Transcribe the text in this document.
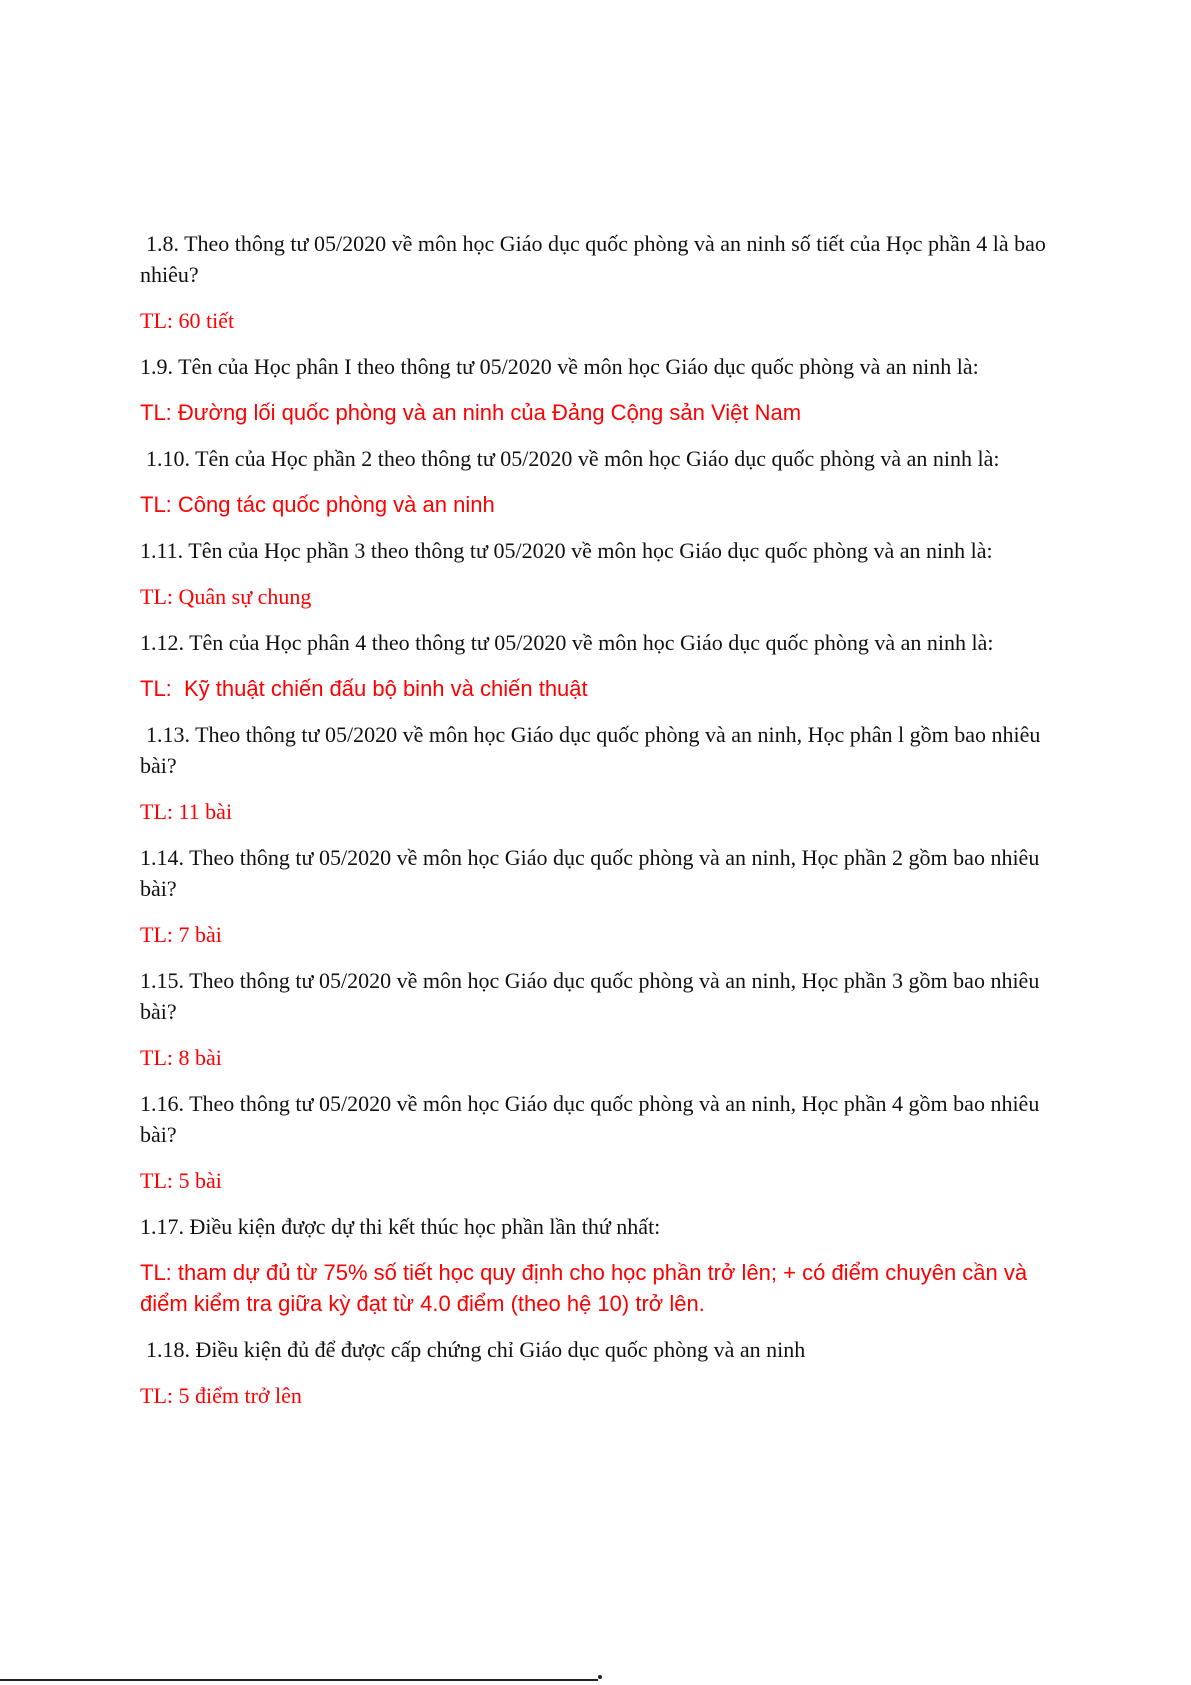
1.8. Theo thông tư 05/2020 về môn học Giáo dục quốc phòng và an ninh số tiết của Học phần 4 là bao nhiêu?

TL: 60 tiết

1.9. Tên của Học phân I theo thông tư 05/2020 về môn học Giáo dục quốc phòng và an ninh là:

TL: Đường lối quốc phòng và an ninh của Đảng Cộng sản Việt Nam

1.10. Tên của Học phần 2 theo thông tư 05/2020 về môn học Giáo dục quốc phòng và an ninh là:

TL: Công tác quốc phòng và an ninh

1.11. Tên của Học phần 3 theo thông tư 05/2020 về môn học Giáo dục quốc phòng và an ninh là:

TL: Quân sự chung

1.12. Tên của Học phân 4 theo thông tư 05/2020 về môn học Giáo dục quốc phòng và an ninh là:

TL:  Kỹ thuật chiến đấu bộ binh và chiến thuật

1.13. Theo thông tư 05/2020 về môn học Giáo dục quốc phòng và an ninh, Học phân l gồm bao nhiêu bài?

TL: 11 bài

1.14. Theo thông tư 05/2020 về môn học Giáo dục quốc phòng và an ninh, Học phần 2 gồm bao nhiêu bài?

TL: 7 bài

1.15. Theo thông tư 05/2020 về môn học Giáo dục quốc phòng và an ninh, Học phần 3 gồm bao nhiêu bài?

TL: 8 bài

1.16. Theo thông tư 05/2020 về môn học Giáo dục quốc phòng và an ninh, Học phần 4 gồm bao nhiêu bài?

TL: 5 bài

1.17. Điều kiện được dự thi kết thúc học phần lần thứ nhất:

TL: tham dự đủ từ 75% số tiết học quy định cho học phần trở lên; + có điểm chuyên cần và điểm kiểm tra giữa kỳ đạt từ 4.0 điểm (theo hệ 10) trở lên.

1.18. Điều kiện đủ để được cấp chứng chỉ Giáo dục quốc phòng và an ninh

TL: 5 điểm trở lên
